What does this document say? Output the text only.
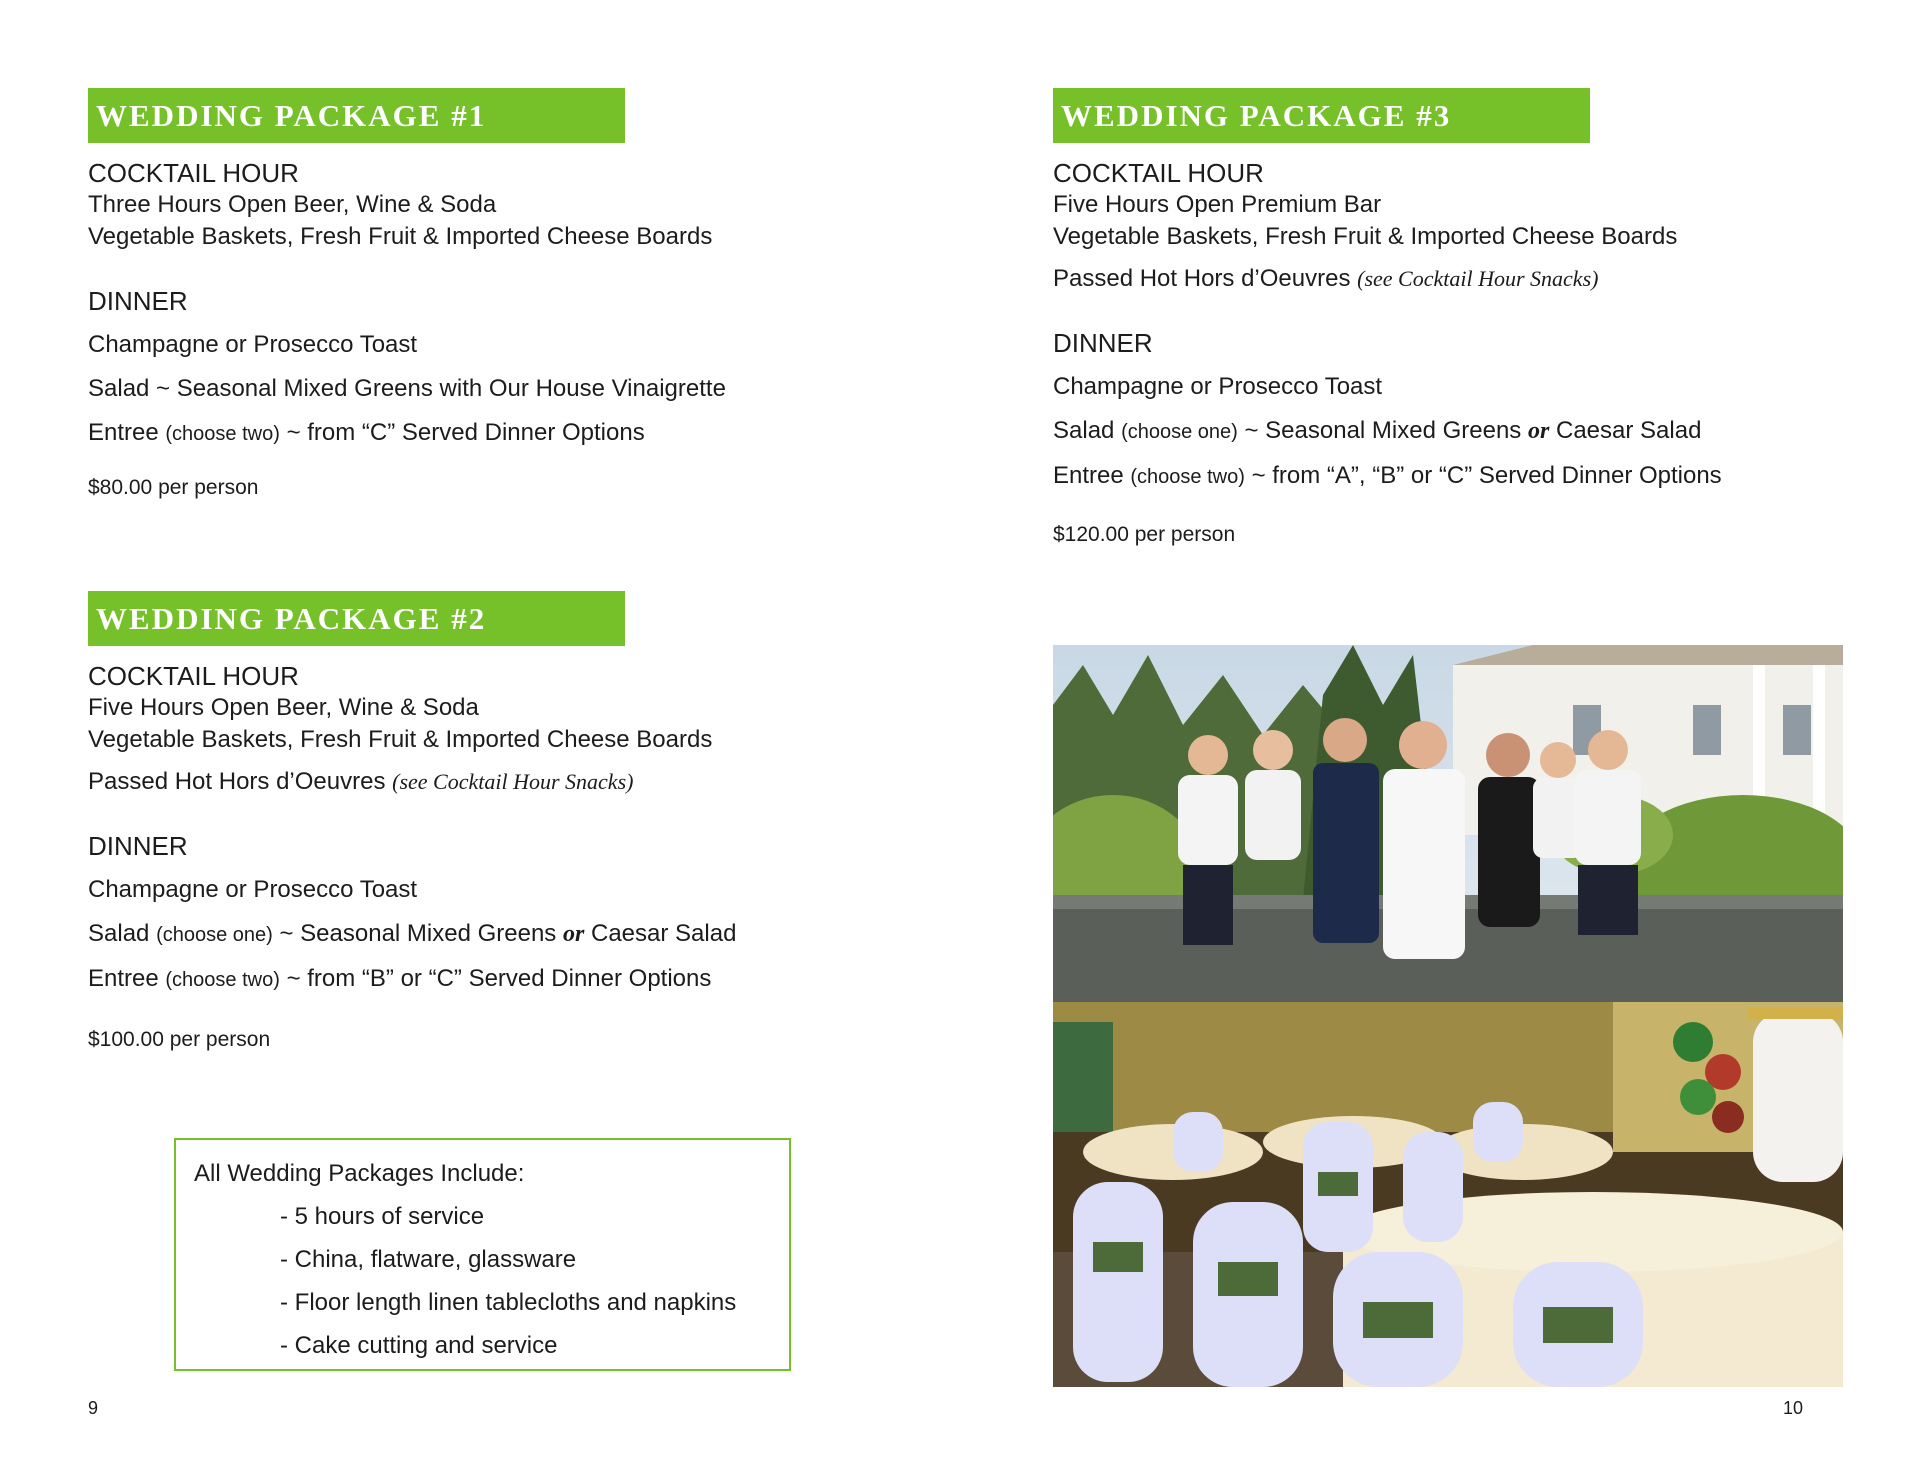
WEDDING PACKAGE #1

COCKTAIL HOUR

Three Hours Open Beer, Wine & Soda

Vegetable Baskets, Fresh Fruit & Imported Cheese Boards

DINNER

Champagne or Prosecco Toast

Salad ~ Seasonal Mixed Greens with Our House Vinaigrette

Entree (choose two) ~ from “C” Served Dinner Options

$80.00 per person

WEDDING PACKAGE #2

COCKTAIL HOUR

Five Hours Open Beer, Wine & Soda

Vegetable Baskets, Fresh Fruit & Imported Cheese Boards

Passed Hot Hors d’Oeuvres (see Cocktail Hour Snacks)

DINNER

Champagne or Prosecco Toast

Salad (choose one) ~ Seasonal Mixed Greens or Caesar Salad

Entree (choose two) ~ from “B” or “C” Served Dinner Options

$100.00 per person

All Wedding Packages Include:

- 5 hours of service
- China, flatware, glassware
- Floor length linen tablecloths and napkins
- Cake cutting and service
9
WEDDING PACKAGE #3

COCKTAIL HOUR

Five Hours Open Premium Bar

Vegetable Baskets, Fresh Fruit & Imported Cheese Boards

Passed Hot Hors d’Oeuvres (see Cocktail Hour Snacks)

DINNER

Champagne or Prosecco Toast

Salad (choose one) ~ Seasonal Mixed Greens or Caesar Salad

Entree (choose two) ~ from “A”, “B” or “C” Served Dinner Options

$120.00 per person

10
